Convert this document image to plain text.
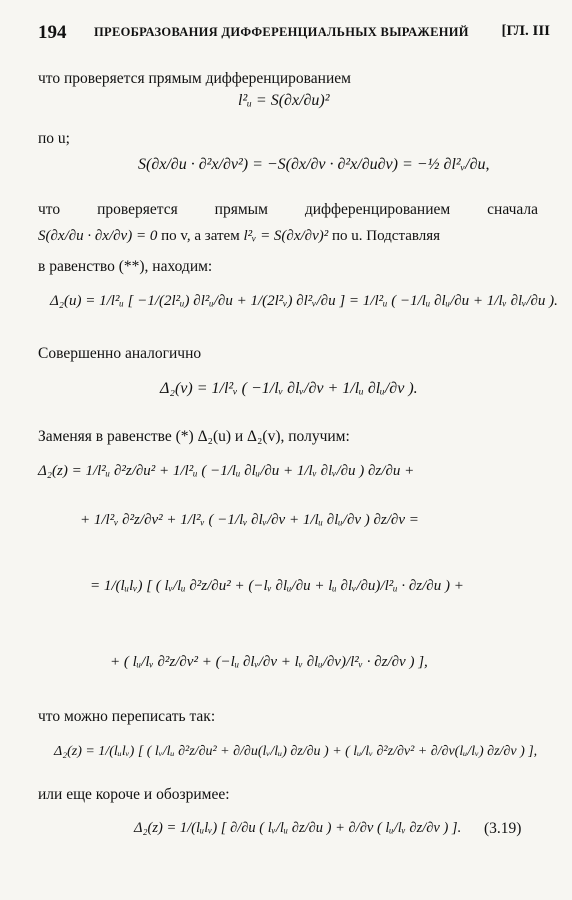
194 ПРЕОБРАЗОВАНИЯ ДИФФЕРЕНЦИАЛЬНЫХ ВЫРАЖЕНИЙ [ГЛ. III
что проверяется прямым дифференцированием
l²ᵤ = S(∂x/∂u)²
по u;
S(∂x/∂u · ∂²x/∂v²) = −S(∂x/∂v · ∂²x/∂u∂v) = −½ ∂l²ᵥ/∂u,
что проверяется прямым дифференцированием сначала
S(∂x/∂u · ∂x/∂v) = 0 по v, а затем l²ᵥ = S(∂x/∂v)² по u. Подставляя
в равенство (**), находим:
Δ₂(u) = 1/l²ᵤ [ −1/(2l²ᵤ) ∂l²ᵤ/∂u + 1/(2l²ᵥ) ∂l²ᵥ/∂u ] = 1/l²ᵤ ( −1/lᵤ ∂lᵤ/∂u + 1/lᵥ ∂lᵥ/∂u ).
Совершенно аналогично
Δ₂(v) = 1/l²ᵥ ( −1/lᵥ ∂lᵥ/∂v + 1/lᵤ ∂lᵤ/∂v ).
Заменяя в равенстве (*) Δ₂(u) и Δ₂(v), получим:
Δ₂(z) = 1/l²ᵤ ∂²z/∂u² + 1/l²ᵤ ( −1/lᵤ ∂lᵤ/∂u + 1/lᵥ ∂lᵥ/∂u ) ∂z/∂u +
+ 1/l²ᵥ ∂²z/∂v² + 1/l²ᵥ ( −1/lᵥ ∂lᵥ/∂v + 1/lᵤ ∂lᵤ/∂v ) ∂z/∂v =
= 1/(lᵤlᵥ) [ ( lᵥ/lᵤ ∂²z/∂u² + (−lᵥ ∂lᵤ/∂u + lᵤ ∂lᵥ/∂u)/l²ᵤ · ∂z/∂u ) +
+ ( lᵤ/lᵥ ∂²z/∂v² + (−lᵤ ∂lᵥ/∂v + lᵥ ∂lᵤ/∂v)/l²ᵥ · ∂z/∂v ) ],
что можно переписать так:
Δ₂(z) = 1/(lᵤlᵥ) [ ( lᵥ/lᵤ ∂²z/∂u² + ∂/∂u(lᵥ/lᵤ) ∂z/∂u ) + ( lᵤ/lᵥ ∂²z/∂v² + ∂/∂v(lᵤ/lᵥ) ∂z/∂v ) ],
или еще короче и обозримее:
Δ₂(z) = 1/(lᵤlᵥ) [ ∂/∂u ( lᵥ/lᵤ ∂z/∂u ) + ∂/∂v ( lᵤ/lᵥ ∂z/∂v ) ]. (3.19)
